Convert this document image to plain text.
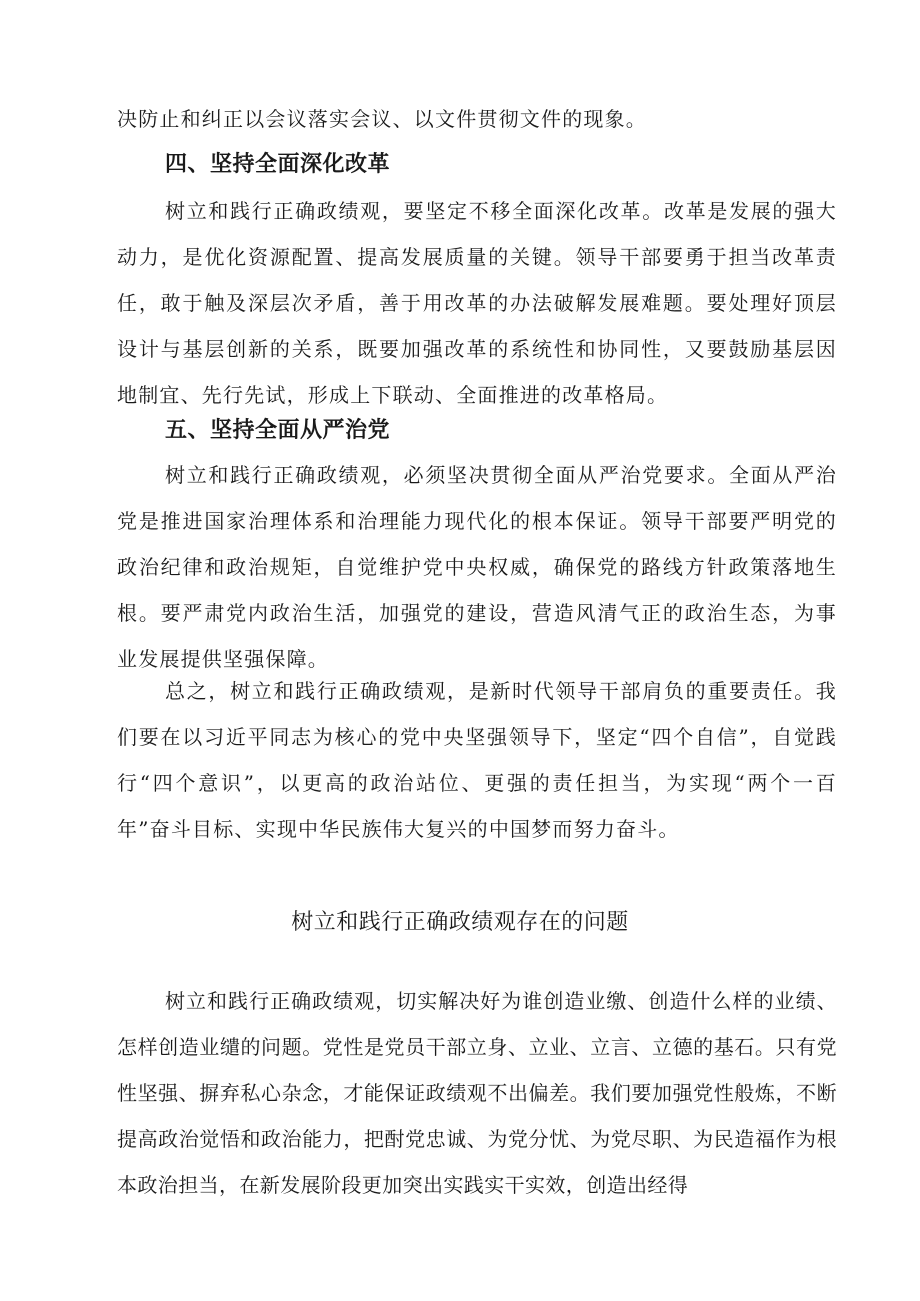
决防止和纠正以会议落实会议、以文件贯彻文件的现象。

四、坚持全面深化改革

树立和践行正确政绩观，要坚定不移全面深化改革。改革是发展的强大动力，是优化资源配置、提高发展质量的关键。领导干部要勇于担当改革责任，敢于触及深层次矛盾，善于用改革的办法破解发展难题。要处理好顶层设计与基层创新的关系，既要加强改革的系统性和协同性，又要鼓励基层因地制宜、先行先试，形成上下联动、全面推进的改革格局。

五、坚持全面从严治党

树立和践行正确政绩观，必须坚决贯彻全面从严治党要求。全面从严治党是推进国家治理体系和治理能力现代化的根本保证。领导干部要严明党的政治纪律和政治规矩，自觉维护党中央权威，确保党的路线方针政策落地生根。要严肃党内政治生活，加强党的建设，营造风清气正的政治生态，为事业发展提供坚强保障。

总之，树立和践行正确政绩观，是新时代领导干部肩负的重要责任。我们要在以习近平同志为核心的党中央坚强领导下，坚定“四个自信”，自觉践行“四个意识”，以更高的政治站位、更强的责任担当，为实现“两个一百年”奋斗目标、实现中华民族伟大复兴的中国梦而努力奋斗。

树立和践行正确政绩观存在的问题

树立和践行正确政绩观，切实解决好为谁创造业缴、创造什么样的业绩、怎样创造业缱的问题。党性是党员干部立身、立业、立言、立德的基石。只有党性坚强、摒弃私心杂念，才能保证政绩观不出偏差。我们要加强党性般炼，不断提高政治觉悟和政治能力，把酎党忠诚、为党分忧、为党尽职、为民造福作为根本政治担当，在新发展阶段更加突出实践实干实效，创造出经得
